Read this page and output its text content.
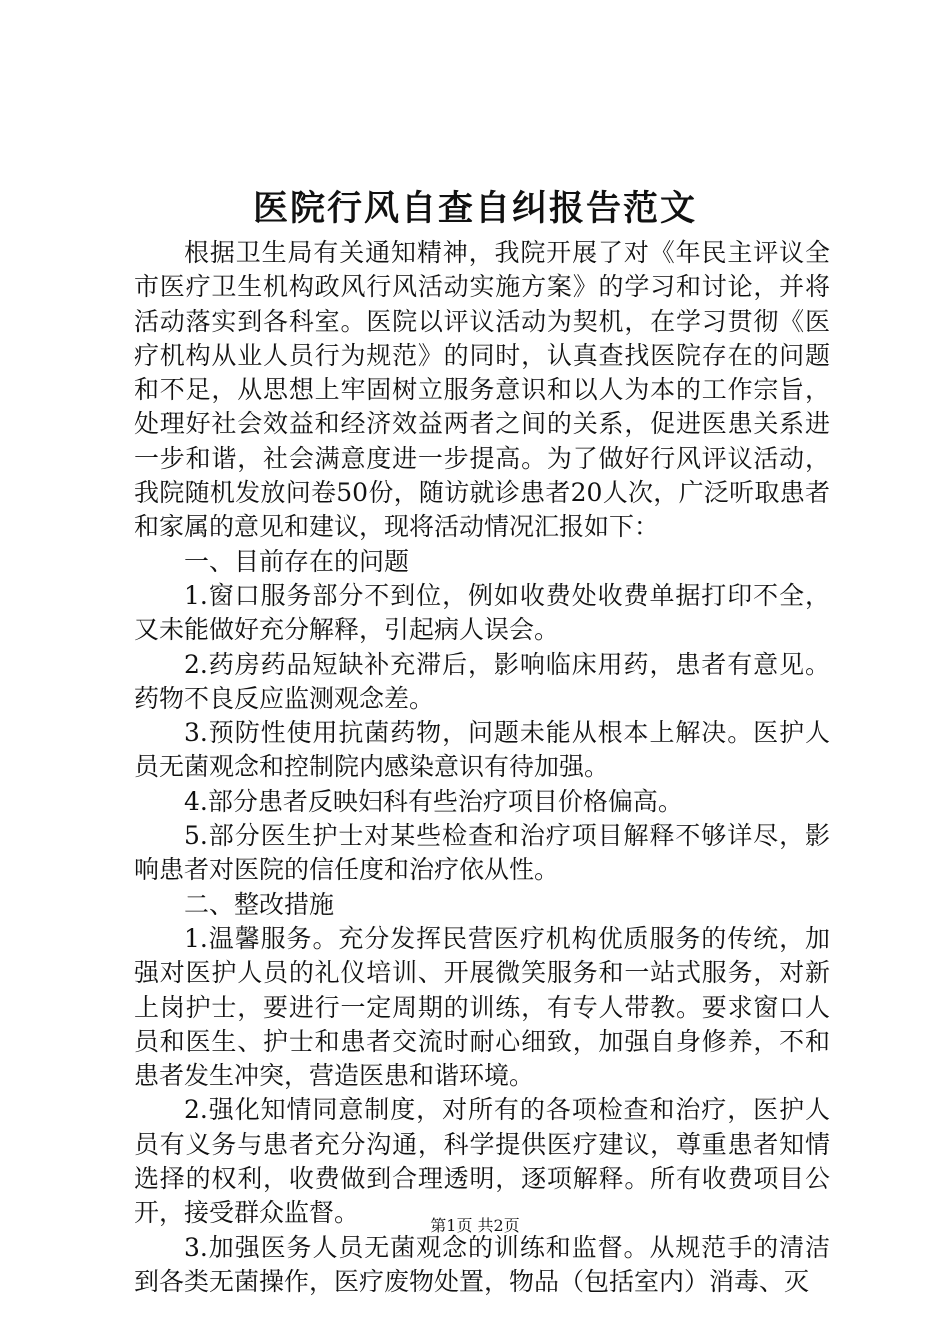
医院行风自查自纠报告范文

根据卫生局有关通知精神，我院开展了对《年民主评议全市医疗卫生机构政风行风活动实施方案》的学习和讨论，并将活动落实到各科室。医院以评议活动为契机，在学习贯彻《医疗机构从业人员行为规范》的同时，认真查找医院存在的问题和不足，从思想上牢固树立服务意识和以人为本的工作宗旨，处理好社会效益和经济效益两者之间的关系，促进医患关系进一步和谐，社会满意度进一步提高。为了做好行风评议活动，我院随机发放问卷50份，随访就诊患者20人次，广泛听取患者和家属的意见和建议，现将活动情况汇报如下：

一、目前存在的问题

1.窗口服务部分不到位，例如收费处收费单据打印不全，又未能做好充分解释，引起病人误会。

2.药房药品短缺补充滞后，影响临床用药，患者有意见。药物不良反应监测观念差。

3.预防性使用抗菌药物，问题未能从根本上解决。医护人员无菌观念和控制院内感染意识有待加强。

4.部分患者反映妇科有些治疗项目价格偏高。

5.部分医生护士对某些检查和治疗项目解释不够详尽，影响患者对医院的信任度和治疗依从性。

二、整改措施

1.温馨服务。充分发挥民营医疗机构优质服务的传统，加强对医护人员的礼仪培训、开展微笑服务和一站式服务，对新上岗护士，要进行一定周期的训练，有专人带教。要求窗口人员和医生、护士和患者交流时耐心细致，加强自身修养，不和患者发生冲突，营造医患和谐环境。

2.强化知情同意制度，对所有的各项检查和治疗，医护人员有义务与患者充分沟通，科学提供医疗建议，尊重患者知情选择的权利，收费做到合理透明，逐项解释。所有收费项目公开，接受群众监督。

3.加强医务人员无菌观念的训练和监督。从规范手的清洁到各类无菌操作，医疗废物处置，物品（包括室内）消毒、灭

第1页 共2页
